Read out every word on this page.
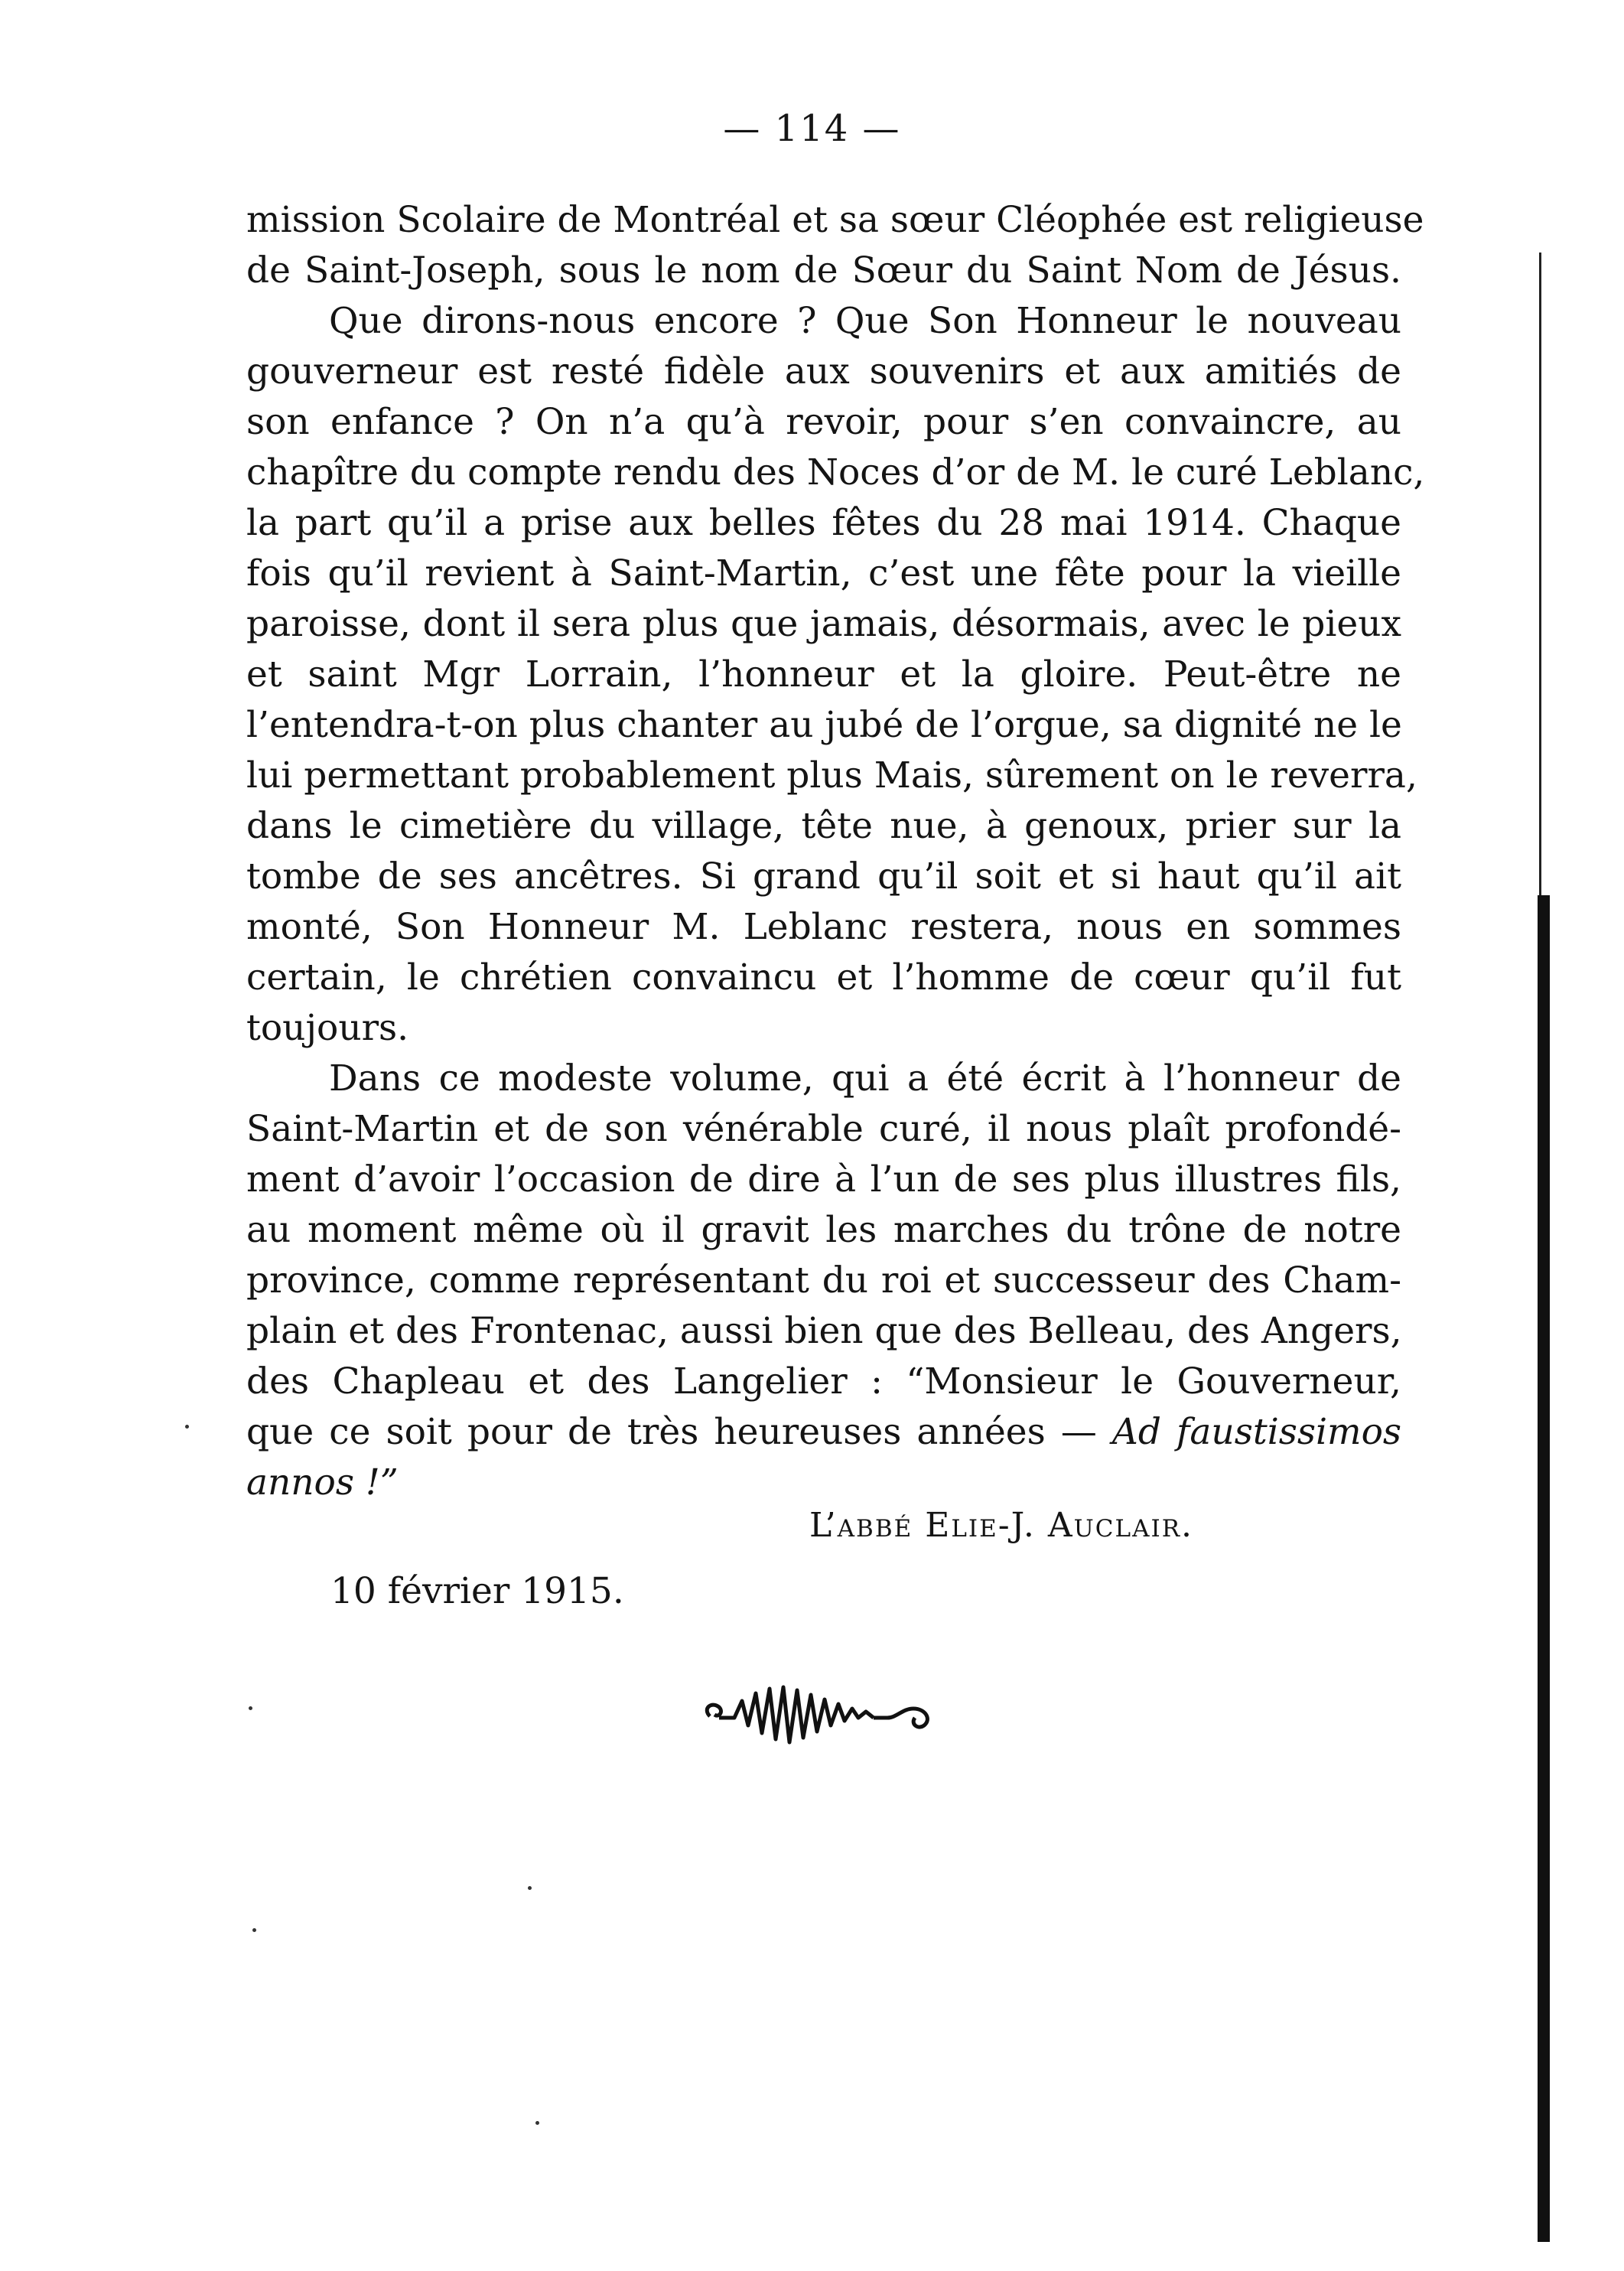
— 114 —
mission Scolaire de Montréal et sa sœur Cléophée est religieuse
de Saint-Joseph, sous le nom de Sœur du Saint Nom de Jésus.
Que dirons-nous encore ? Que Son Honneur le nouveau
gouverneur est resté fidèle aux souvenirs et aux amitiés de
son enfance ? On n’a qu’à revoir, pour s’en convaincre, au
chapître du compte rendu des Noces d’or de M. le curé Leblanc,
la part qu’il a prise aux belles fêtes du 28 mai 1914. Chaque
fois qu’il revient à Saint-Martin, c’est une fête pour la vieille
paroisse, dont il sera plus que jamais, désormais, avec le pieux
et saint Mgr Lorrain, l’honneur et la gloire. Peut-être ne
l’entendra-t-on plus chanter au jubé de l’orgue, sa dignité ne le
lui permettant probablement plus Mais, sûrement on le reverra,
dans le cimetière du village, tête nue, à genoux, prier sur la
tombe de ses ancêtres. Si grand qu’il soit et si haut qu’il ait
monté, Son Honneur M. Leblanc restera, nous en sommes
certain, le chrétien convaincu et l’homme de cœur qu’il fut
toujours.
Dans ce modeste volume, qui a été écrit à l’honneur de
Saint-Martin et de son vénérable curé, il nous plaît profondé-
ment d’avoir l’occasion de dire à l’un de ses plus illustres fils,
au moment même où il gravit les marches du trône de notre
province, comme représentant du roi et successeur des Cham-
plain et des Frontenac, aussi bien que des Belleau, des Angers,
des Chapleau et des Langelier : “Monsieur le Gouverneur,
que ce soit pour de très heureuses années — Ad faustissimos
annos !”
L’abbé Elie-J. Auclair.
10 février 1915.
